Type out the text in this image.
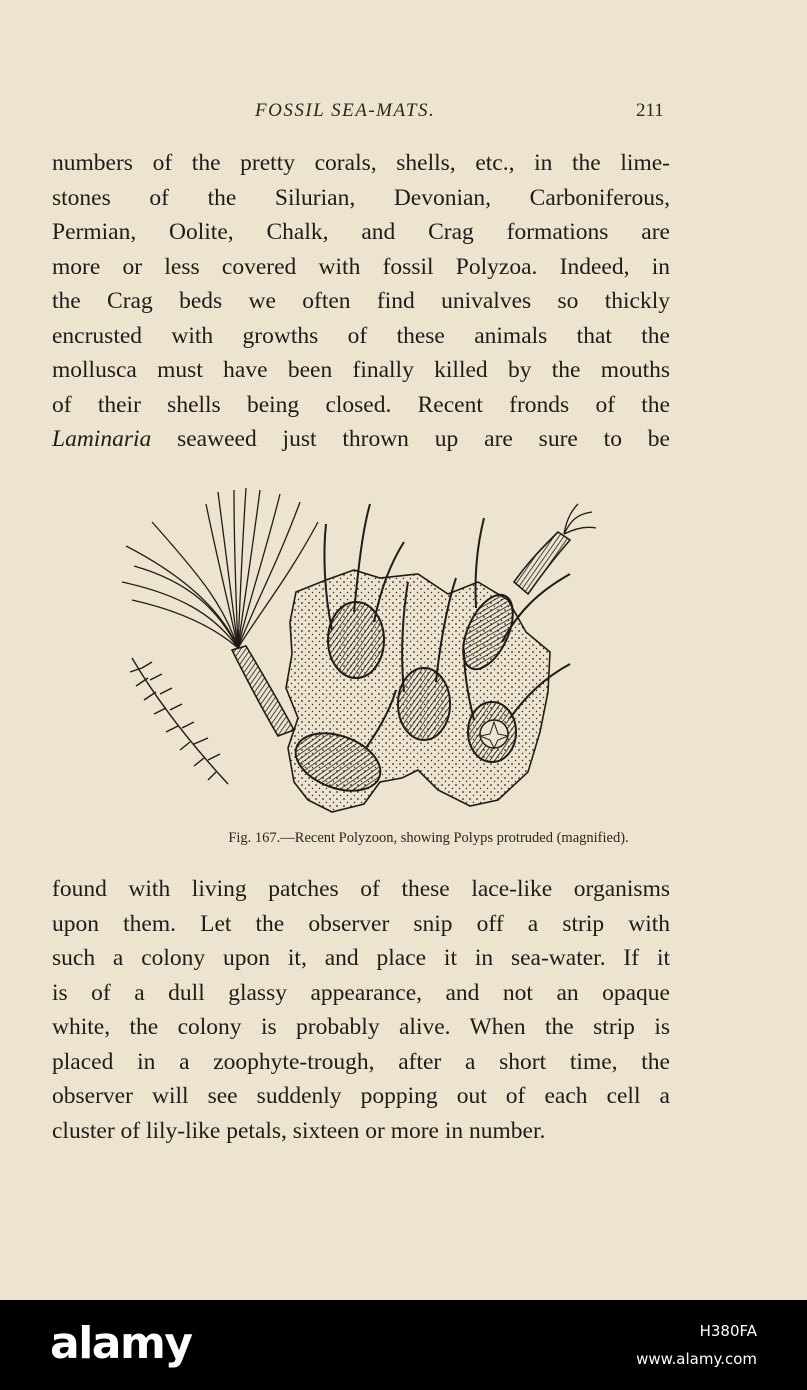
FOSSIL SEA-MATS.	211
numbers of the pretty corals, shells, etc., in the lime-
stones of the Silurian, Devonian, Carboniferous,
Permian, Oolite, Chalk, and Crag formations are
more or less covered with fossil Polyzoa. Indeed, in
the Crag beds we often find univalves so thickly
encrusted with growths of these animals that the
mollusca must have been finally killed by the mouths
of their shells being closed. Recent fronds of the
Laminaria seaweed just thrown up are sure to be
Fig. 167.—Recent Polyzoon, showing Polyps protruded (magnified).
found with living patches of these lace-like organisms
upon them. Let the observer snip off a strip with
such a colony upon it, and place it in sea-water. If it
is of a dull glassy appearance, and not an opaque
white, the colony is probably alive. When the strip is
placed in a zoophyte-trough, after a short time, the
observer will see suddenly popping out of each cell a
cluster of lily-like petals, sixteen or more in number.
alamy	H380FA
www.alamy.com
